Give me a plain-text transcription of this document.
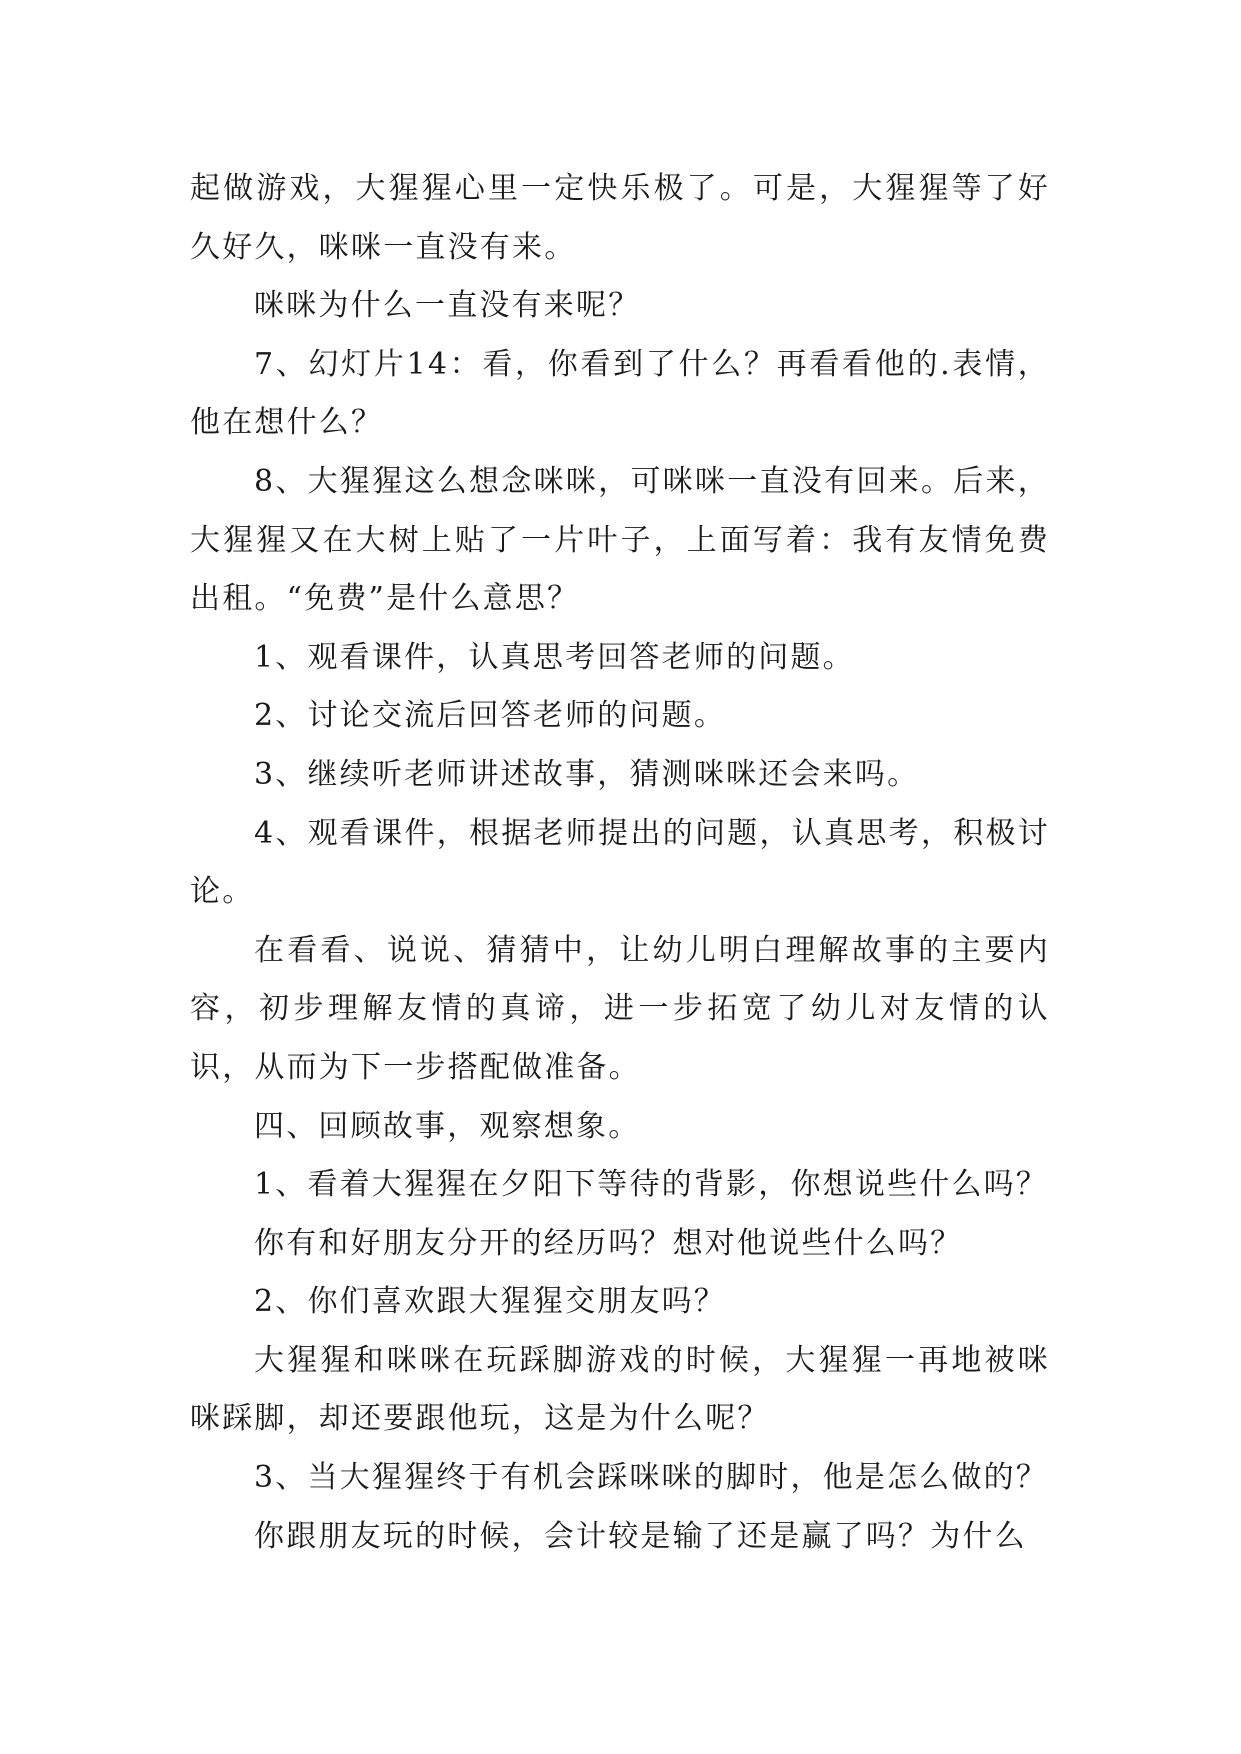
起做游戏，大猩猩心里一定快乐极了。可是，大猩猩等了好久好久，咪咪一直没有来。

咪咪为什么一直没有来呢？

7、幻灯片14：看，你看到了什么？再看看他的.表情，他在想什么？

8、大猩猩这么想念咪咪，可咪咪一直没有回来。后来，大猩猩又在大树上贴了一片叶子，上面写着：我有友情免费出租。“免费”是什么意思？

1、观看课件，认真思考回答老师的问题。

2、讨论交流后回答老师的问题。

3、继续听老师讲述故事，猜测咪咪还会来吗。

4、观看课件，根据老师提出的问题，认真思考，积极讨论。

在看看、说说、猜猜中，让幼儿明白理解故事的主要内容，初步理解友情的真谛，进一步拓宽了幼儿对友情的认识，从而为下一步搭配做准备。

四、回顾故事，观察想象。

1、看着大猩猩在夕阳下等待的背影，你想说些什么吗？

你有和好朋友分开的经历吗？想对他说些什么吗？

2、你们喜欢跟大猩猩交朋友吗？

大猩猩和咪咪在玩踩脚游戏的时候，大猩猩一再地被咪咪踩脚，却还要跟他玩，这是为什么呢？

3、当大猩猩终于有机会踩咪咪的脚时，他是怎么做的？

你跟朋友玩的时候，会计较是输了还是赢了吗？为什么
